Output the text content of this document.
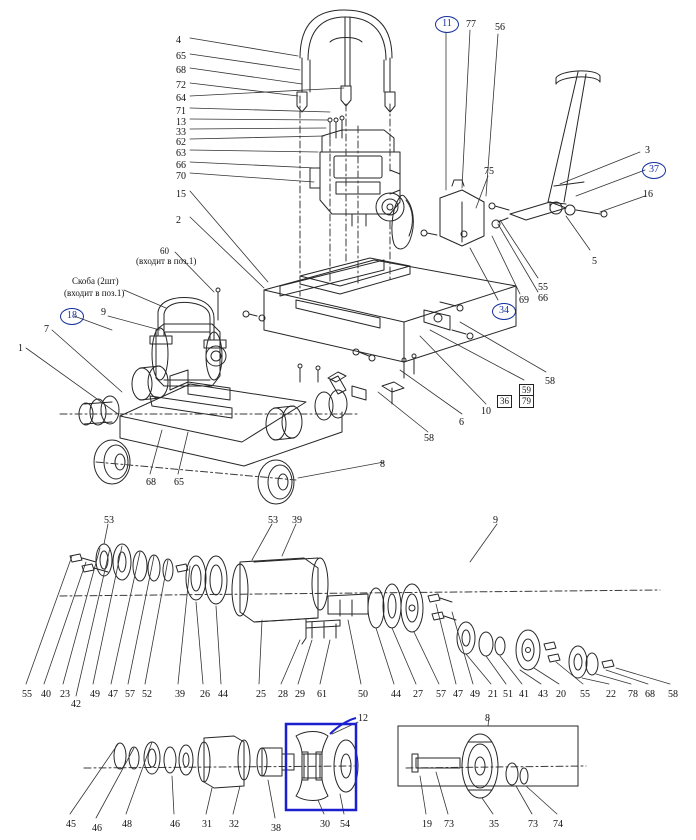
4
65
68
72
64
71
13
33
62
63
66
70
15
2
77 56
3
75
16
5
55
66
69
58
10
6
58
8
9
7
1
68 65
53	53 39	9
12	8
55 40 23
42
49 47 57 52 39 26 44	25 28 29 61	50 44 27 57 47 49 21 51 41 43 20 55 22 78 68 58
45 46 48	46 31 32	38	30 54	19 73	35	73 74
Скоба (2шт)
(входит в поз.1)
60
(входит в поз.1)
11
37
18	34
59
79
36
